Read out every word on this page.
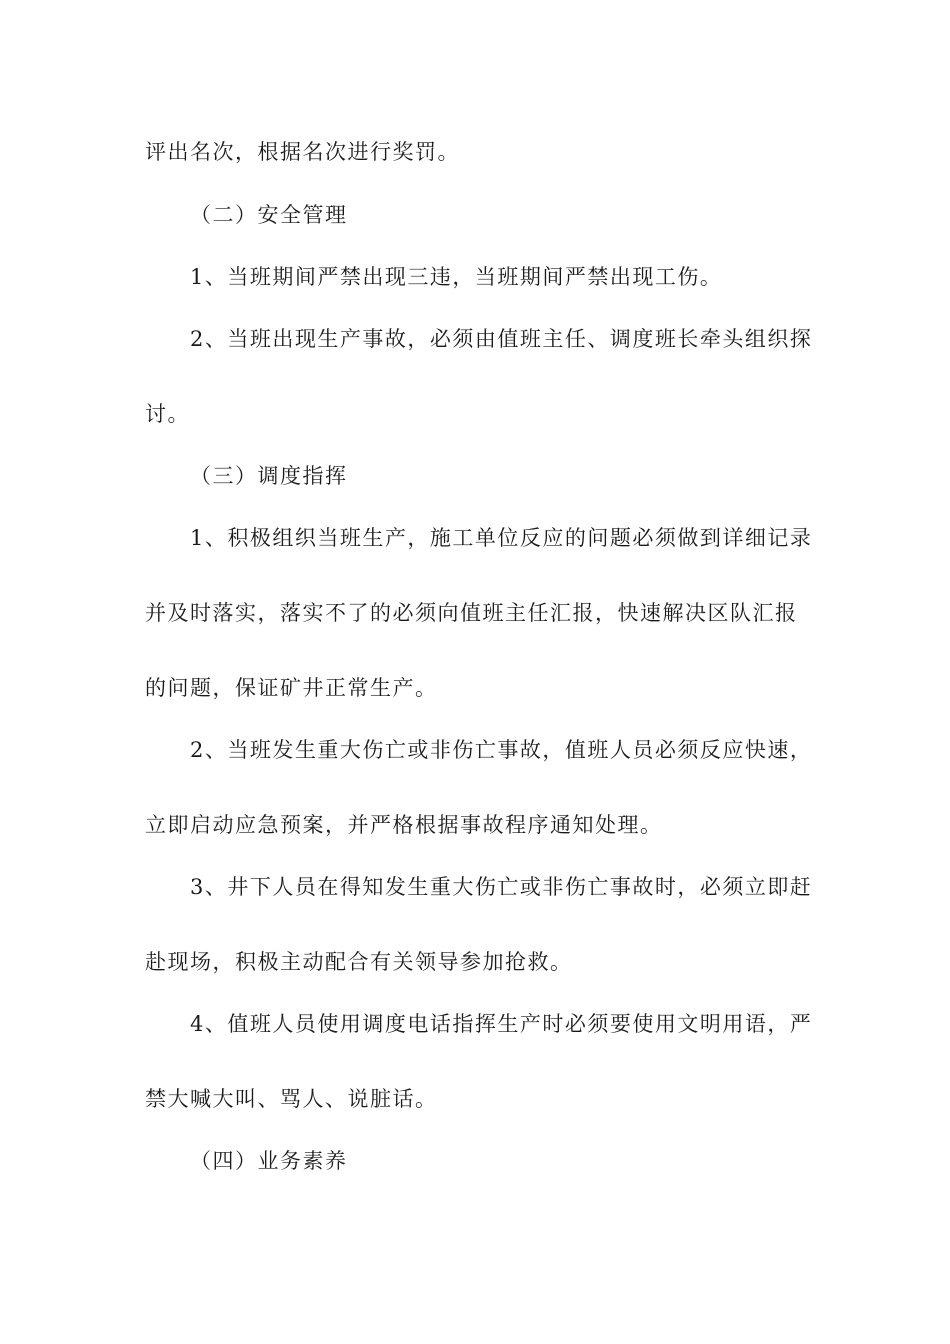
评出名次，根据名次进行奖罚。
（二）安全管理
1、当班期间严禁出现三违，当班期间严禁出现工伤。
2、当班出现生产事故，必须由值班主任、调度班长牵头组织探
讨。
（三）调度指挥
1、积极组织当班生产，施工单位反应的问题必须做到详细记录
并及时落实，落实不了的必须向值班主任汇报，快速解决区队汇报
的问题，保证矿井正常生产。
2、当班发生重大伤亡或非伤亡事故，值班人员必须反应快速，
立即启动应急预案，并严格根据事故程序通知处理。
3、井下人员在得知发生重大伤亡或非伤亡事故时，必须立即赶
赴现场，积极主动配合有关领导参加抢救。
4、值班人员使用调度电话指挥生产时必须要使用文明用语，严
禁大喊大叫、骂人、说脏话。
（四）业务素养
